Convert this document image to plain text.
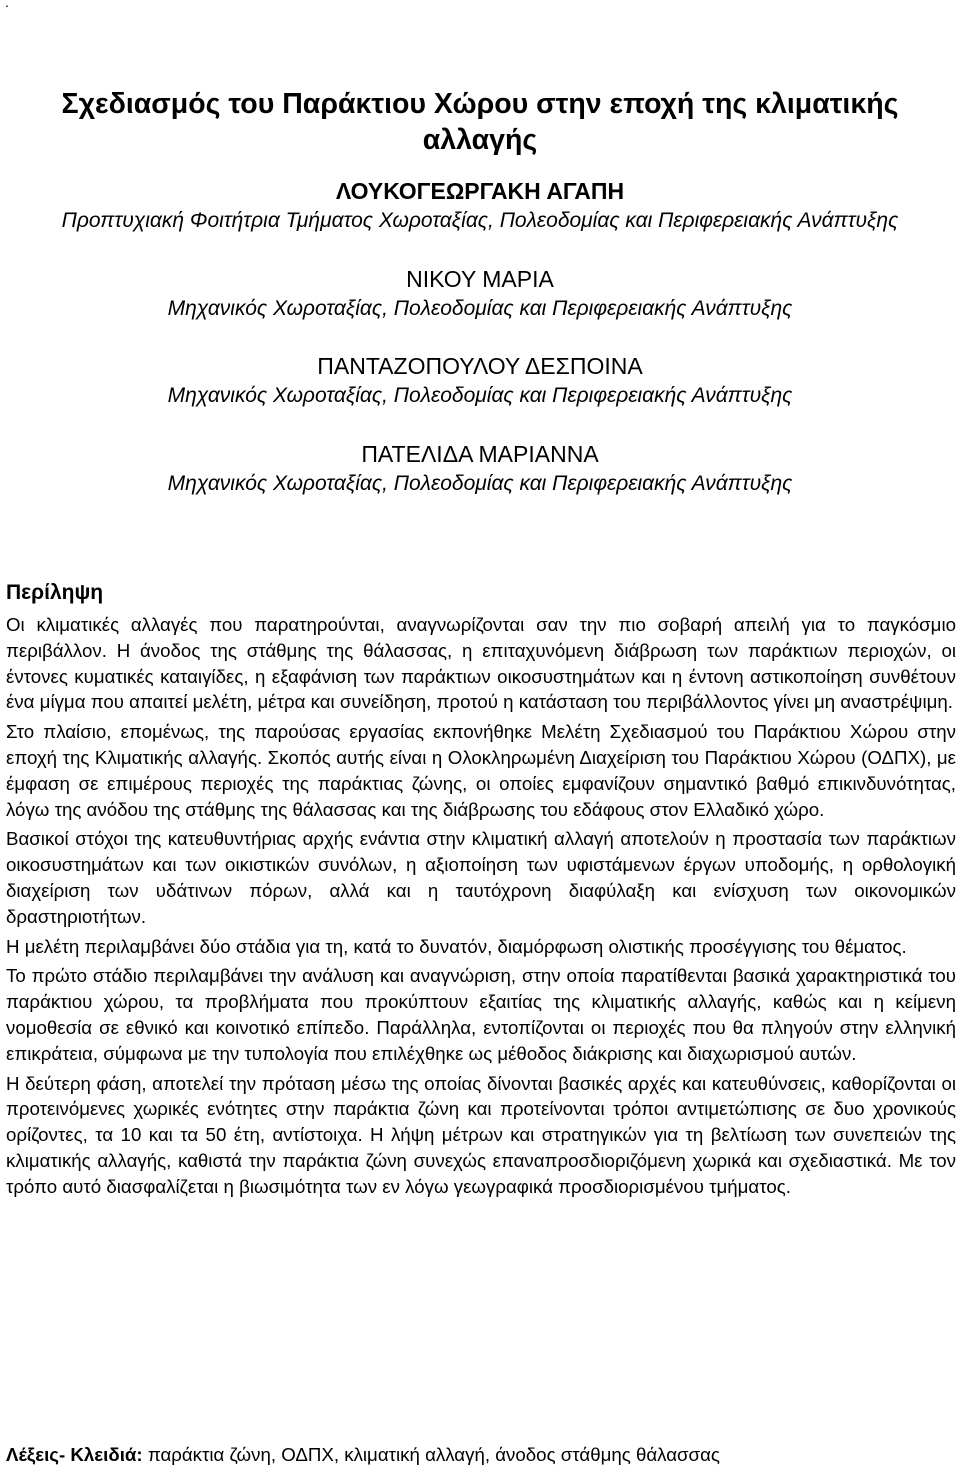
.
Σχεδιασμός του Παράκτιου Χώρου στην εποχή της κλιματικής
αλλαγής
ΛΟΥΚΟΓΕΩΡΓΑΚΗ ΑΓΑΠΗ
Προπτυχιακή Φοιτήτρια Τμήματος Χωροταξίας, Πολεοδομίας και Περιφερειακής Ανάπτυξης
ΝΙΚΟΥ ΜΑΡΙΑ
Μηχανικός Χωροταξίας, Πολεοδομίας και Περιφερειακής Ανάπτυξης
ΠΑΝΤΑΖΟΠΟΥΛΟΥ ΔΕΣΠΟΙΝΑ
Μηχανικός Χωροταξίας, Πολεοδομίας και Περιφερειακής Ανάπτυξης
ΠΑΤΕΛΙΔΑ ΜΑΡΙΑΝΝΑ
Μηχανικός Χωροταξίας, Πολεοδομίας και Περιφερειακής Ανάπτυξης
Περίληψη

Οι κλιματικές αλλαγές που παρατηρούνται, αναγνωρίζονται σαν την πιο σοβαρή απειλή για το παγκόσμιο περιβάλλον. Η άνοδος της στάθμης της θάλασσας, η επιταχυνόμενη διάβρωση των παράκτιων περιοχών, οι έντονες κυματικές καταιγίδες, η εξαφάνιση των παράκτιων οικοσυστημάτων και η έντονη αστικοποίηση συνθέτουν ένα μίγμα που απαιτεί μελέτη, μέτρα και συνείδηση, προτού η κατάσταση του περιβάλλοντος γίνει μη αναστρέψιμη.

Στο πλαίσιο, επομένως, της παρούσας εργασίας εκπονήθηκε Μελέτη Σχεδιασμού του Παράκτιου Χώρου στην εποχή της Κλιματικής αλλαγής. Σκοπός αυτής είναι η Ολοκληρωμένη Διαχείριση του Παράκτιου Χώρου (ΟΔΠΧ), με έμφαση σε επιμέρους περιοχές της παράκτιας ζώνης, οι οποίες εμφανίζουν σημαντικό βαθμό επικινδυνότητας, λόγω της ανόδου της στάθμης της θάλασσας και της διάβρωσης του εδάφους στον Ελλαδικό χώρο.

Βασικοί στόχοι της κατευθυντήριας αρχής ενάντια στην κλιματική αλλαγή αποτελούν η προστασία των παράκτιων οικοσυστημάτων και των οικιστικών συνόλων, η αξιοποίηση των υφιστάμενων έργων υποδομής, η ορθολογική διαχείριση των υδάτινων πόρων, αλλά και η ταυτόχρονη διαφύλαξη και ενίσχυση των οικονομικών δραστηριοτήτων.

Η μελέτη περιλαμβάνει δύο στάδια για τη, κατά το δυνατόν, διαμόρφωση ολιστικής προσέγγισης του θέματος.

Το πρώτο στάδιο περιλαμβάνει την ανάλυση και αναγνώριση, στην οποία παρατίθενται βασικά χαρακτηριστικά του παράκτιου χώρου, τα προβλήματα που προκύπτουν εξαιτίας της κλιματικής αλλαγής, καθώς και η κείμενη νομοθεσία σε εθνικό και κοινοτικό επίπεδο. Παράλληλα, εντοπίζονται οι περιοχές που θα πληγούν στην ελληνική επικράτεια, σύμφωνα με την τυπολογία που επιλέχθηκε ως μέθοδος διάκρισης και διαχωρισμού αυτών.

Η δεύτερη φάση, αποτελεί την πρόταση μέσω της οποίας δίνονται βασικές αρχές και κατευθύνσεις, καθορίζονται οι προτεινόμενες χωρικές ενότητες στην παράκτια ζώνη και προτείνονται τρόποι αντιμετώπισης σε δυο χρονικούς ορίζοντες, τα 10 και τα 50 έτη, αντίστοιχα. Η λήψη μέτρων και στρατηγικών για τη βελτίωση των συνεπειών της κλιματικής αλλαγής, καθιστά την παράκτια ζώνη συνεχώς επαναπροσδιοριζόμενη χωρικά και σχεδιαστικά. Με τον τρόπο αυτό διασφαλίζεται η βιωσιμότητα των εν λόγω γεωγραφικά προσδιορισμένου τμήματος.

Λέξεις- Κλειδιά: παράκτια ζώνη, ΟΔΠΧ, κλιματική αλλαγή, άνοδος στάθμης θάλασσας
